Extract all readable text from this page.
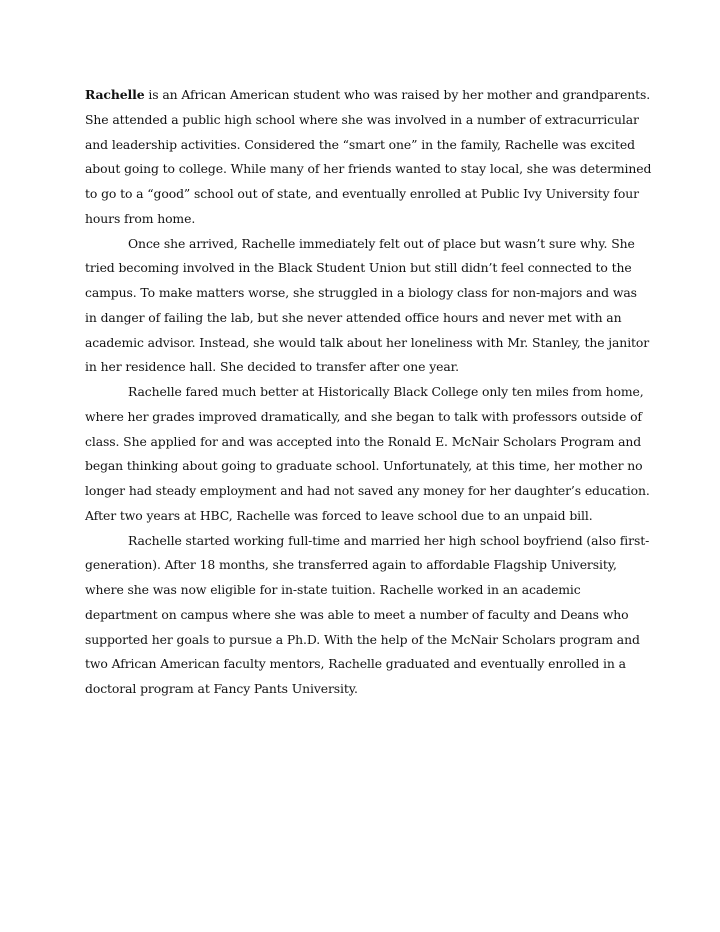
Rachelle is an African American student who was raised by her mother and grandparents.
She attended a public high school where she was involved in a number of extracurricular
and leadership activities. Considered the “smart one” in the family, Rachelle was excited
about going to college. While many of her friends wanted to stay local, she was determined
to go to a “good” school out of state, and eventually enrolled at Public Ivy University four
hours from home.
Once she arrived, Rachelle immediately felt out of place but wasn’t sure why. She
tried becoming involved in the Black Student Union but still didn’t feel connected to the
campus. To make matters worse, she struggled in a biology class for non-majors and was
in danger of failing the lab, but she never attended office hours and never met with an
academic advisor. Instead, she would talk about her loneliness with Mr. Stanley, the janitor
in her residence hall. She decided to transfer after one year.
Rachelle fared much better at Historically Black College only ten miles from home,
where her grades improved dramatically, and she began to talk with professors outside of
class. She applied for and was accepted into the Ronald E. McNair Scholars Program and
began thinking about going to graduate school. Unfortunately, at this time, her mother no
longer had steady employment and had not saved any money for her daughter’s education.
After two years at HBC, Rachelle was forced to leave school due to an unpaid bill.
Rachelle started working full-time and married her high school boyfriend (also first-
generation). After 18 months, she transferred again to affordable Flagship University,
where she was now eligible for in-state tuition. Rachelle worked in an academic
department on campus where she was able to meet a number of faculty and Deans who
supported her goals to pursue a Ph.D. With the help of the McNair Scholars program and
two African American faculty mentors, Rachelle graduated and eventually enrolled in a
doctoral program at Fancy Pants University.
